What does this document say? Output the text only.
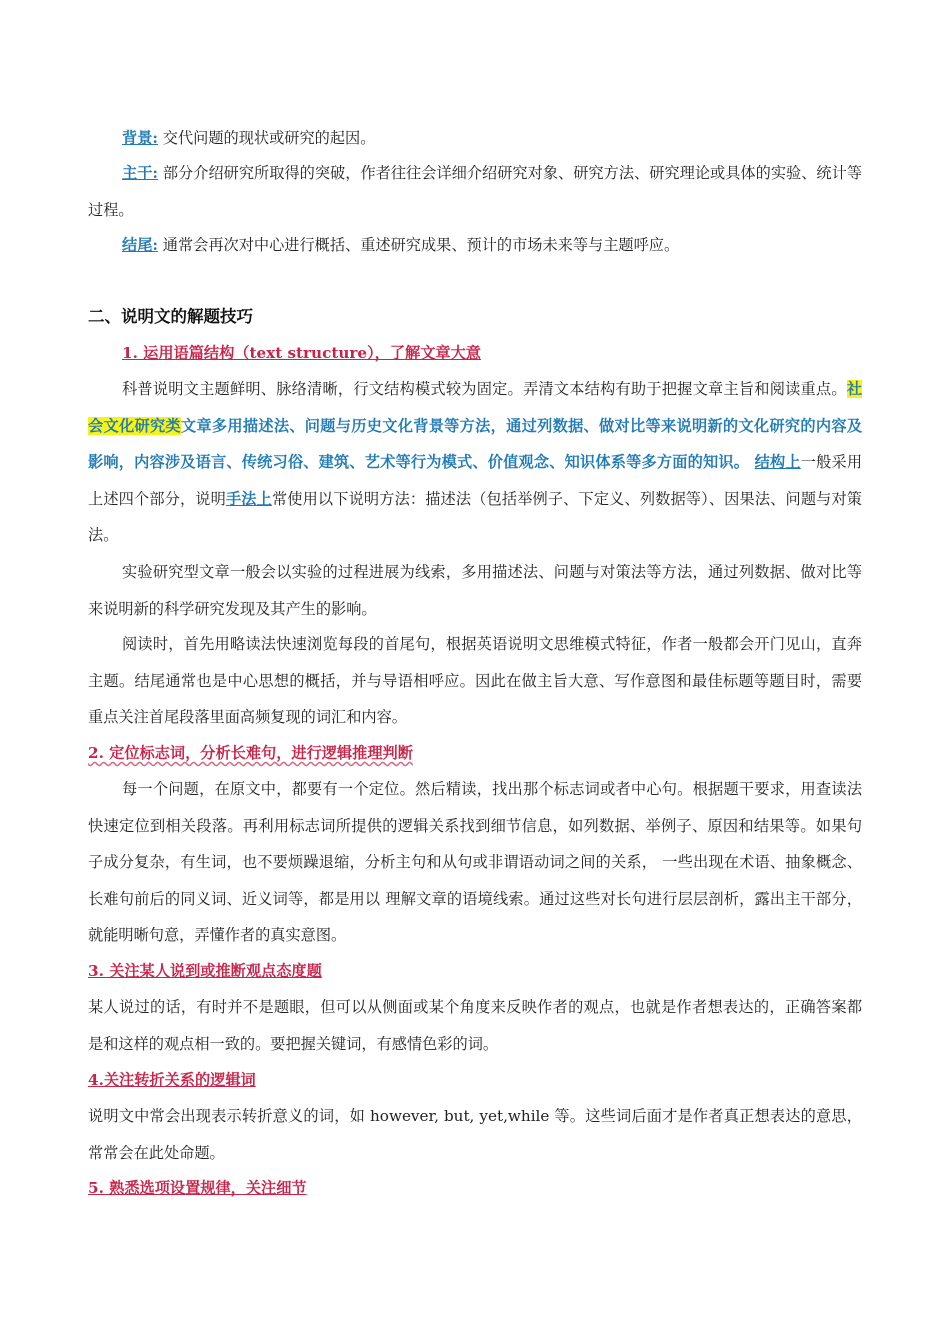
背景: 交代问题的现状或研究的起因。

主干: 部分介绍研究所取得的突破，作者往往会详细介绍研究对象、研究方法、研究理论或具体的实验、统计等过程。

结尾: 通常会再次对中心进行概括、重述研究成果、预计的市场未来等与主题呼应。

二、说明文的解题技巧

1. 运用语篇结构（text structure），了解文章大意

科普说明文主题鲜明、脉络清晰，行文结构模式较为固定。弄清文本结构有助于把握文章主旨和阅读重点。社会文化研究类文章多用描述法、问题与历史文化背景等方法，通过列数据、做对比等来说明新的文化研究的内容及影响，内容涉及语言、传统习俗、建筑、艺术等行为模式、价值观念、知识体系等多方面的知识。 结构上一般采用上述四个部分，说明手法上常使用以下说明方法：描述法（包括举例子、下定义、列数据等）、因果法、问题与对策法。

实验研究型文章一般会以实验的过程进展为线索，多用描述法、问题与对策法等方法，通过列数据、做对比等来说明新的科学研究发现及其产生的影响。

阅读时，首先用略读法快速浏览每段的首尾句，根据英语说明文思维模式特征，作者一般都会开门见山，直奔主题。结尾通常也是中心思想的概括，并与导语相呼应。因此在做主旨大意、写作意图和最佳标题等题目时，需要重点关注首尾段落里面高频复现的词汇和内容。

2. 定位标志词，分析长难句，进行逻辑推理判断

每一个问题，在原文中，都要有一个定位。然后精读，找出那个标志词或者中心句。根据题干要求，用查读法快速定位到相关段落。再利用标志词所提供的逻辑关系找到细节信息，如列数据、举例子、原因和结果等。如果句子成分复杂，有生词，也不要烦躁退缩，分析主句和从句或非谓语动词之间的关系， 一些出现在术语、抽象概念、长难句前后的同义词、近义词等，都是用以 理解文章的语境线索。通过这些对长句进行层层剖析，露出主干部分，就能明晰句意，弄懂作者的真实意图。

3. 关注某人说到或推断观点态度题

某人说过的话，有时并不是题眼，但可以从侧面或某个角度来反映作者的观点，也就是作者想表达的，正确答案都是和这样的观点相一致的。要把握关键词，有感情色彩的词。

4.关注转折关系的逻辑词

说明文中常会出现表示转折意义的词，如 however, but, yet,while 等。这些词后面才是作者真正想表达的意思，常常会在此处命题。

5. 熟悉选项设置规律，关注细节
